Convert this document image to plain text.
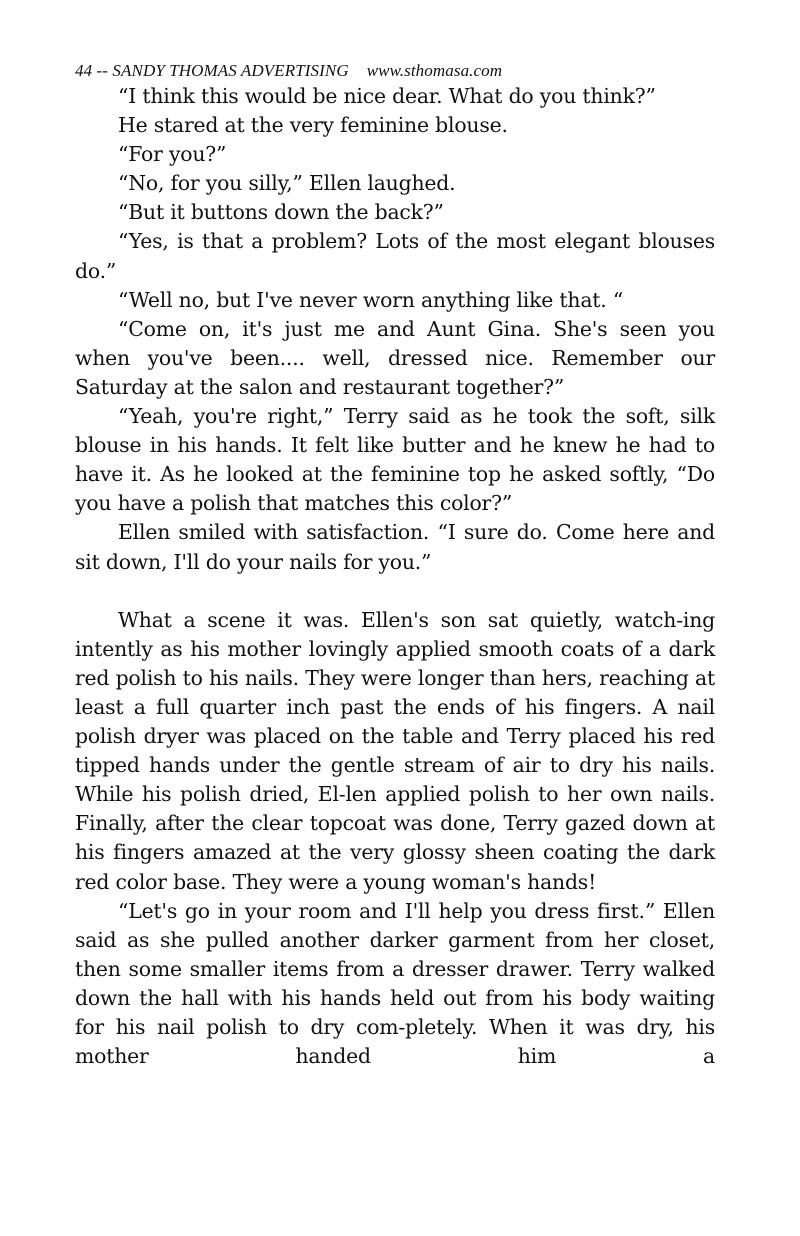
44 -- SANDY THOMAS ADVERTISING www.sthomasa.com

“I think this would be nice dear. What do you think?”

He stared at the very feminine blouse.

“For you?”

“No, for you silly,” Ellen laughed.

“But it buttons down the back?”

“Yes, is that a problem? Lots of the most elegant blouses do.”

“Well no, but I've never worn anything like that. “

“Come on, it's just me and Aunt Gina. She's seen you when you've been.... well, dressed nice. Remember our Saturday at the salon and restaurant together?”

“Yeah, you're right,” Terry said as he took the soft, silk blouse in his hands. It felt like butter and he knew he had to have it. As he looked at the feminine top he asked softly, “Do you have a polish that matches this color?”

Ellen smiled with satisfaction. “I sure do. Come here and sit down, I'll do your nails for you.”

What a scene it was. Ellen's son sat quietly, watch-ing intently as his mother lovingly applied smooth coats of a dark red polish to his nails. They were longer than hers, reaching at least a full quarter inch past the ends of his fingers. A nail polish dryer was placed on the table and Terry placed his red tipped hands under the gentle stream of air to dry his nails. While his polish dried, El-len applied polish to her own nails. Finally, after the clear topcoat was done, Terry gazed down at his fingers amazed at the very glossy sheen coating the dark red color base. They were a young woman's hands!

“Let's go in your room and I'll help you dress first.” Ellen said as she pulled another darker garment from her closet, then some smaller items from a dresser drawer. Terry walked down the hall with his hands held out from his body waiting for his nail polish to dry com-pletely. When it was dry, his mother handed him a
